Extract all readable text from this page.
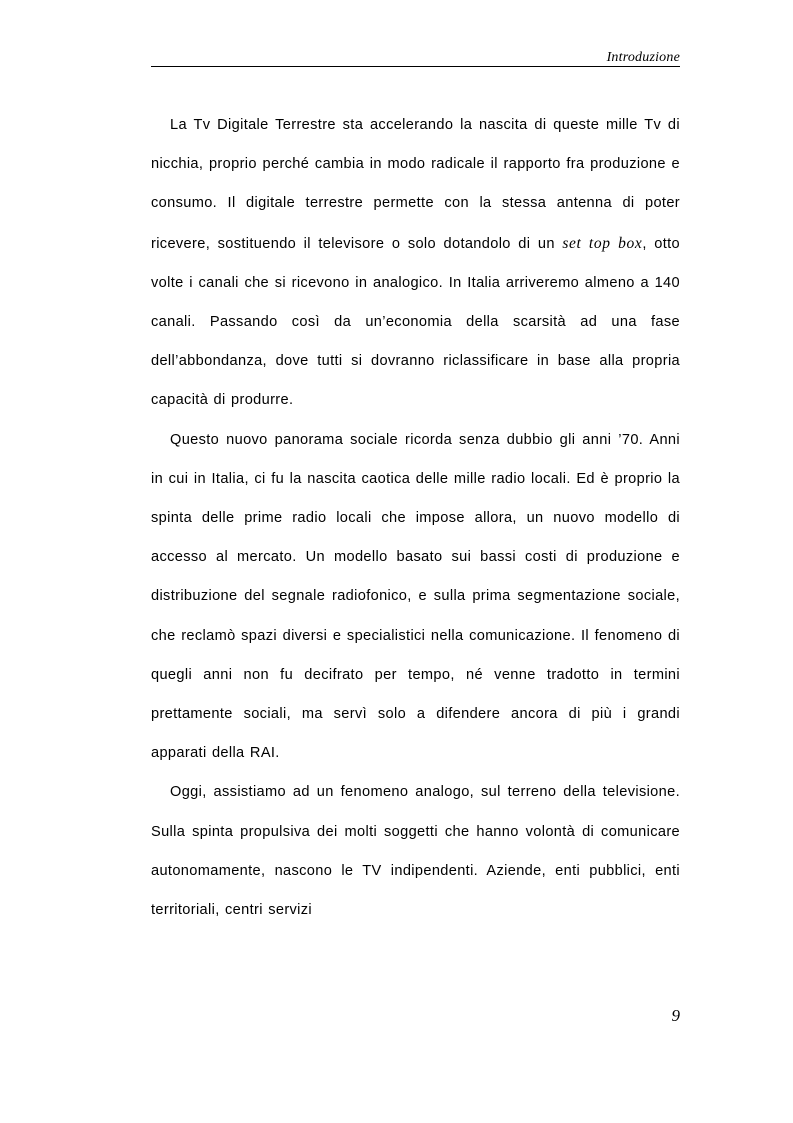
Introduzione

La Tv Digitale Terrestre sta accelerando la nascita di queste mille Tv di nicchia, proprio perché cambia in modo radicale il rapporto fra produzione e consumo. Il digitale terrestre permette con la stessa antenna di poter ricevere, sostituendo il televisore o solo dotandolo di un set top box, otto volte i canali che si ricevono in analogico. In Italia arriveremo almeno a 140 canali. Passando così da un’economia della scarsità ad una fase dell’abbondanza, dove tutti si dovranno riclassificare in base alla propria capacità di produrre.

Questo nuovo panorama sociale ricorda senza dubbio gli anni ’70. Anni in cui in Italia, ci fu la nascita caotica delle mille radio locali. Ed è proprio la spinta delle prime radio locali che impose allora, un nuovo modello di accesso al mercato. Un modello basato sui bassi costi di produzione e distribuzione del segnale radiofonico, e sulla prima segmentazione sociale, che reclamò spazi diversi e specialistici nella comunicazione. Il fenomeno di quegli anni non fu decifrato per tempo, né venne tradotto in termini prettamente sociali, ma servì solo a difendere ancora di più i grandi apparati della RAI.

Oggi, assistiamo ad un fenomeno analogo, sul terreno della televisione. Sulla spinta propulsiva dei molti soggetti che hanno volontà di comunicare autonomamente, nascono le TV indipendenti. Aziende, enti pubblici, enti territoriali, centri servizi

9
